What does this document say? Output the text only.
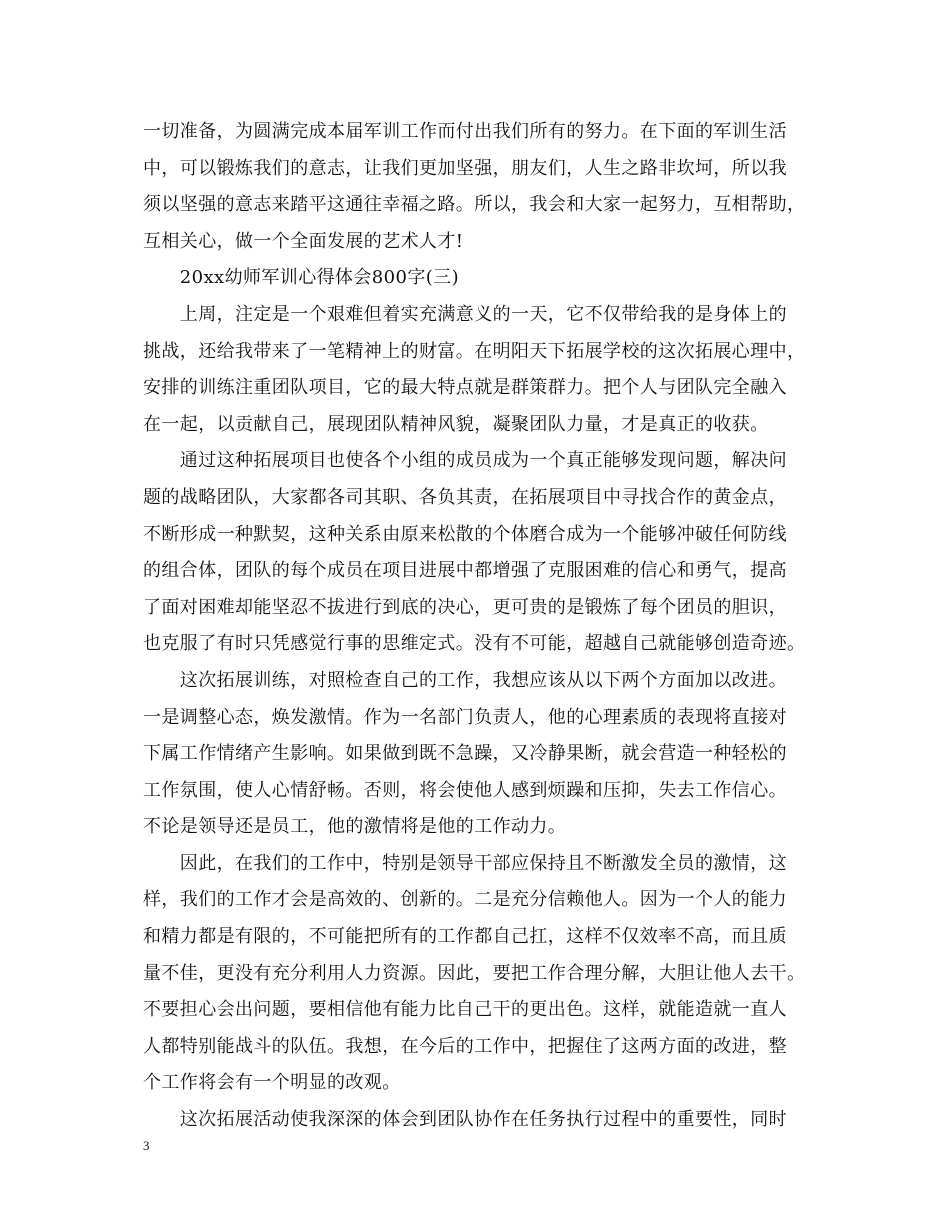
一切准备，为圆满完成本届军训工作而付出我们所有的努力。在下面的军训生活
中，可以锻炼我们的意志，让我们更加坚强，朋友们，人生之路非坎坷，所以我
须以坚强的意志来踏平这通往幸福之路。所以，我会和大家一起努力，互相帮助，
互相关心，做一个全面发展的艺术人才!
　　20xx幼师军训心得体会800字(三)
　　上周，注定是一个艰难但着实充满意义的一天，它不仅带给我的是身体上的
挑战，还给我带来了一笔精神上的财富。在明阳天下拓展学校的这次拓展心理中，
安排的训练注重团队项目，它的最大特点就是群策群力。把个人与团队完全融入
在一起，以贡献自己，展现团队精神风貌，凝聚团队力量，才是真正的收获。
　　通过这种拓展项目也使各个小组的成员成为一个真正能够发现问题，解决问
题的战略团队，大家都各司其职、各负其责，在拓展项目中寻找合作的黄金点，
不断形成一种默契，这种关系由原来松散的个体磨合成为一个能够冲破任何防线
的组合体，团队的每个成员在项目进展中都增强了克服困难的信心和勇气，提高
了面对困难却能坚忍不拔进行到底的决心，更可贵的是锻炼了每个团员的胆识，
也克服了有时只凭感觉行事的思维定式。没有不可能，超越自己就能够创造奇迹。
　　这次拓展训练，对照检查自己的工作，我想应该从以下两个方面加以改进。
一是调整心态，焕发激情。作为一名部门负责人，他的心理素质的表现将直接对
下属工作情绪产生影响。如果做到既不急躁，又冷静果断，就会营造一种轻松的
工作氛围，使人心情舒畅。否则，将会使他人感到烦躁和压抑，失去工作信心。
不论是领导还是员工，他的激情将是他的工作动力。
　　因此，在我们的工作中，特别是领导干部应保持且不断激发全员的激情，这
样，我们的工作才会是高效的、创新的。二是充分信赖他人。因为一个人的能力
和精力都是有限的，不可能把所有的工作都自己扛，这样不仅效率不高，而且质
量不佳，更没有充分利用人力资源。因此，要把工作合理分解，大胆让他人去干。
不要担心会出问题，要相信他有能力比自己干的更出色。这样，就能造就一直人
人都特别能战斗的队伍。我想，在今后的工作中，把握住了这两方面的改进，整
个工作将会有一个明显的改观。
　　这次拓展活动使我深深的体会到团队协作在任务执行过程中的重要性，同时
3
